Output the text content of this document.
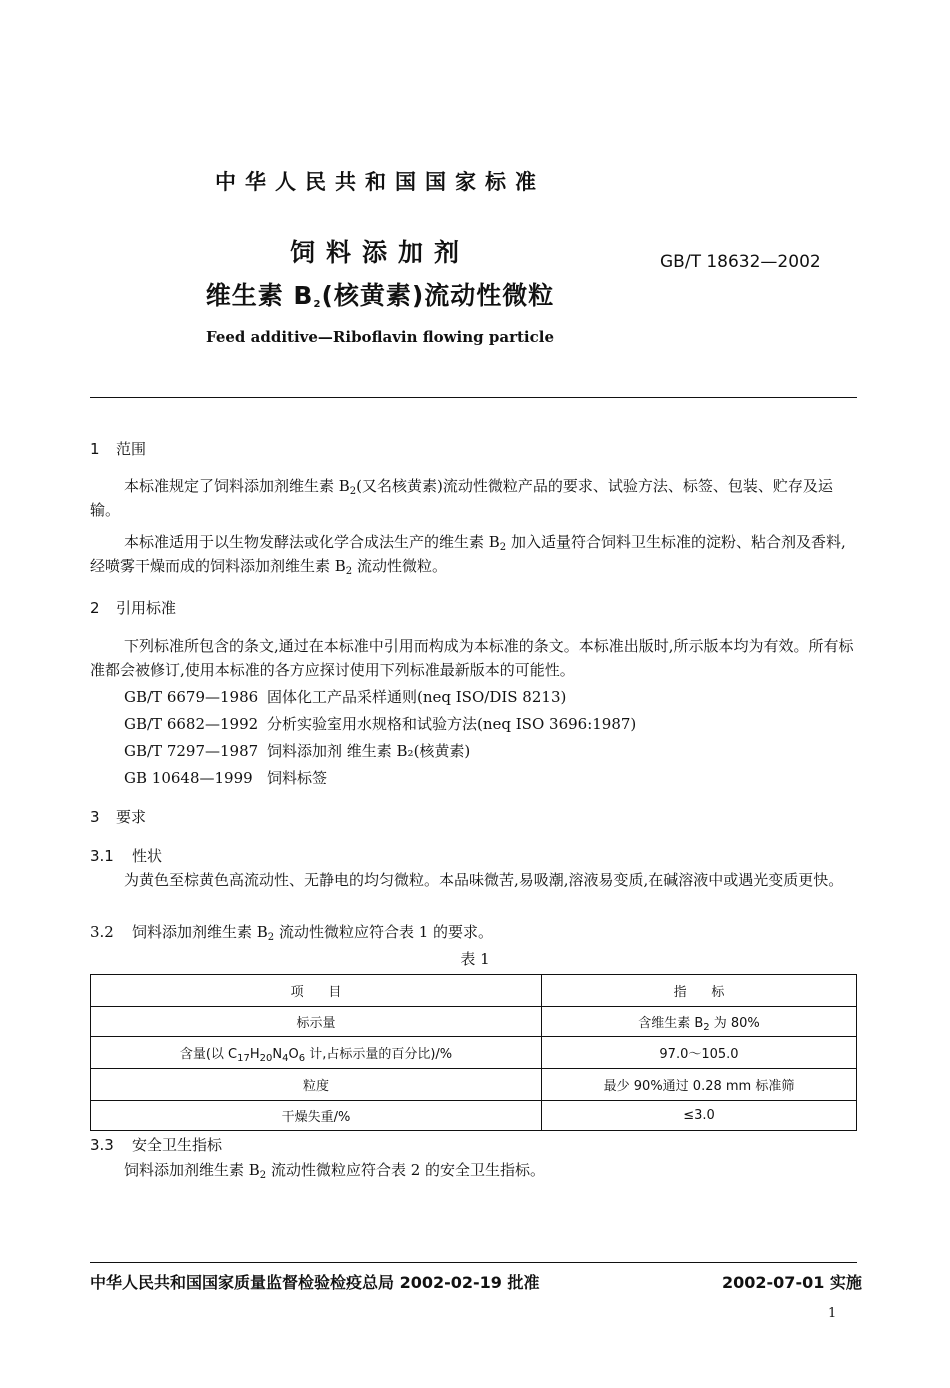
中华人民共和国国家标准
饲料添加剂
维生素 $B_2$(核黄素)流动性微粒
GB/T 18632—2002
Feed additive—Riboflavin flowing particle
1 范围
本标准规定了饲料添加剂维生素 $B_2$(又名核黄素)流动性微粒产品的要求、试验方法、标签、包装、贮存及运输。
本标准适用于以生物发酵法或化学合成法生产的维生素 $B_2$ 加入适量符合饲料卫生标准的淀粉、粘合剂及香料,经喷雾干燥而成的饲料添加剂维生素 $B_2$ 流动性微粒。
2 引用标准
下列标准所包含的条文,通过在本标准中引用而构成为本标准的条文。本标准出版时,所示版本均为有效。所有标准都会被修订,使用本标准的各方应探讨使用下列标准最新版本的可能性。
GB/T 6679—1986 固体化工产品采样通则(neq ISO/DIS 8213)
GB/T 6682—1992 分析实验室用水规格和试验方法(neq ISO 3696:1987)
GB/T 7297—1987 饲料添加剂 维生素 B₂(核黄素)
GB 10648—1999 饲料标签
3 要求
3.1 性状
为黄色至棕黄色高流动性、无静电的均匀微粒。本品味微苦,易吸潮,溶液易变质,在碱溶液中或遇光变质更快。
3.2 饲料添加剂维生素 $B_2$ 流动性微粒应符合表 1 的要求。
表 1
项      目	指      标
标示量	含维生素 $B_2$ 为 80%
含量(以 $C_{17}H_{20}N_4O_6$ 计,占标示量的百分比)/%	97.0～105.0
粒度	最少 90%通过 0.28 mm 标准筛
干燥失重/%	≤3.0
3.3 安全卫生指标
饲料添加剂维生素 $B_2$ 流动性微粒应符合表 2 的安全卫生指标。
中华人民共和国国家质量监督检验检疫总局 2002-02-19 批准	2002-07-01 实施
1
